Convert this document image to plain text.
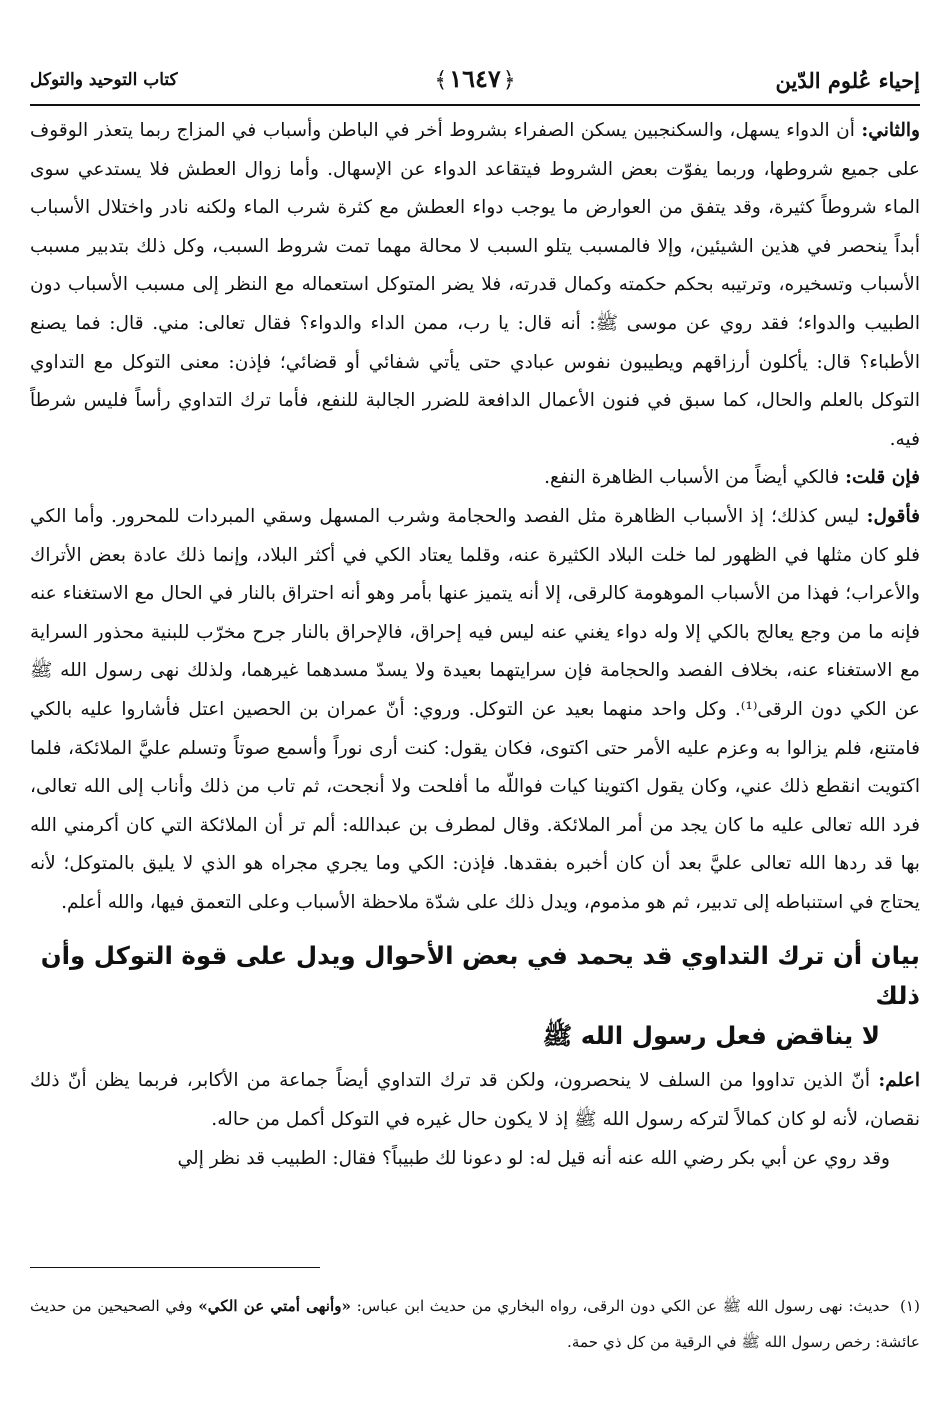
إحياء عُلوم الدّين
﴿١٦٤٧﴾
كتاب التوحيد والتوكل

والثاني: أن الدواء يسهل، والسكنجبين يسكن الصفراء بشروط أخر في الباطن وأسباب في المزاج ربما يتعذر الوقوف على جميع شروطها، وربما يفوّت بعض الشروط فيتقاعد الدواء عن الإسهال. وأما زوال العطش فلا يستدعي سوى الماء شروطاً كثيرة، وقد يتفق من العوارض ما يوجب دواء العطش مع كثرة شرب الماء ولكنه نادر واختلال الأسباب أبداً ينحصر في هذين الشيئين، وإلا فالمسبب يتلو السبب لا محالة مهما تمت شروط السبب، وكل ذلك بتدبير مسبب الأسباب وتسخيره، وترتيبه بحكم حكمته وكمال قدرته، فلا يضر المتوكل استعماله مع النظر إلى مسبب الأسباب دون الطبيب والدواء؛ فقد روي عن موسى ﷺ: أنه قال: يا رب، ممن الداء والدواء؟ فقال تعالى: مني. قال: فما يصنع الأطباء؟ قال: يأكلون أرزاقهم ويطيبون نفوس عبادي حتى يأتي شفائي أو قضائي؛ فإذن: معنى التوكل مع التداوي التوكل بالعلم والحال، كما سبق في فنون الأعمال الدافعة للضرر الجالبة للنفع، فأما ترك التداوي رأساً فليس شرطاً فيه.

فإن قلت: فالكي أيضاً من الأسباب الظاهرة النفع.

فأقول: ليس كذلك؛ إذ الأسباب الظاهرة مثل الفصد والحجامة وشرب المسهل وسقي المبردات للمحرور. وأما الكي فلو كان مثلها في الظهور لما خلت البلاد الكثيرة عنه، وقلما يعتاد الكي في أكثر البلاد، وإنما ذلك عادة بعض الأتراك والأعراب؛ فهذا من الأسباب الموهومة كالرقى، إلا أنه يتميز عنها بأمر وهو أنه احتراق بالنار في الحال مع الاستغناء عنه فإنه ما من وجع يعالج بالكي إلا وله دواء يغني عنه ليس فيه إحراق، فالإحراق بالنار جرح مخرّب للبنية محذور السراية مع الاستغناء عنه، بخلاف الفصد والحجامة فإن سرايتهما بعيدة ولا يسدّ مسدهما غيرهما، ولذلك نهى رسول الله ﷺ عن الكي دون الرقى⁽¹⁾. وكل واحد منهما بعيد عن التوكل. وروي: أنّ عمران بن الحصين اعتل فأشاروا عليه بالكي فامتنع، فلم يزالوا به وعزم عليه الأمر حتى اكتوى، فكان يقول: كنت أرى نوراً وأسمع صوتاً وتسلم عليَّ الملائكة، فلما اكتويت انقطع ذلك عني، وكان يقول اكتوينا كيات فواللّه ما أفلحت ولا أنجحت، ثم تاب من ذلك وأناب إلى الله تعالى، فرد الله تعالى عليه ما كان يجد من أمر الملائكة. وقال لمطرف بن عبدالله: ألم تر أن الملائكة التي كان أكرمني الله بها قد ردها الله تعالى عليَّ بعد أن كان أخبره بفقدها. فإذن: الكي وما يجري مجراه هو الذي لا يليق بالمتوكل؛ لأنه يحتاج في استنباطه إلى تدبير، ثم هو مذموم، ويدل ذلك على شدّة ملاحظة الأسباب وعلى التعمق فيها، والله أعلم.

بيان أن ترك التداوي قد يحمد في بعض الأحوال ويدل على قوة التوكل وأن ذلك
لا يناقض فعل رسول الله ﷺ

اعلم: أنّ الذين تداووا من السلف لا ينحصرون، ولكن قد ترك التداوي أيضاً جماعة من الأكابر، فربما يظن أنّ ذلك نقصان، لأنه لو كان كمالاً لتركه رسول الله ﷺ إذ لا يكون حال غيره في التوكل أكمل من حاله.

وقد روي عن أبي بكر رضي الله عنه أنه قيل له: لو دعونا لك طبيباً؟ فقال: الطبيب قد نظر إلي

(١)حديث: نهى رسول الله ﷺ عن الكي دون الرقى، رواه البخاري من حديث ابن عباس: «وأنهى أمتي عن الكي» وفي الصحيحين من حديث عائشة: رخص رسول الله ﷺ في الرقية من كل ذي حمة.
